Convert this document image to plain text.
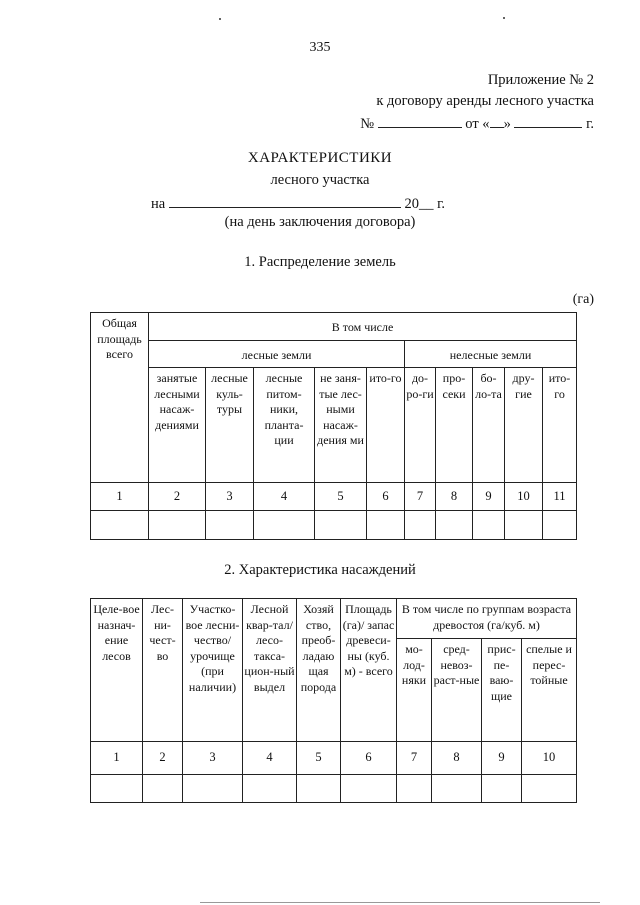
335
Приложение № 2
к договору аренды лесного участка
№	от « »	г.
ХАРАКТЕРИСТИКИ
лесного участка
на	20__ г.
(на день заключения договора)
1. Распределение земель
(га)
Общая площадь всего	В том числе									
	лесные земли					нелесные земли				
	занятые лесными насаж-дениями	лесные куль-туры	лесные питом-ники, планта-ции	не заня-тые лес-ными насаж-дения ми	ито-го	до-ро-ги	про-секи	бо-ло-та	дру-гие	ито-го
1	2	3	4	5	6	7	8	9	10	11

2. Характеристика насаждений
Целе-вое назнач-ение лесов	Лес-ни-чест-во	Участко-вое лесни-чество/ урочище (при наличии)	Лесной квар-тал/ лесо-такса-цион-ный выдел	Хозяй ство, преоб-ладаю щая порода	Площадь (га)/ запас древеси-ны (куб. м) - всего	В том числе по группам возраста древостоя (га/куб. м)			
						мо-лод-няки	сред-невоз-раст-ные	прис-пе-ваю-щие	спелые и перес-тойные
1	2	3	4	5	6	7	8	9	10
